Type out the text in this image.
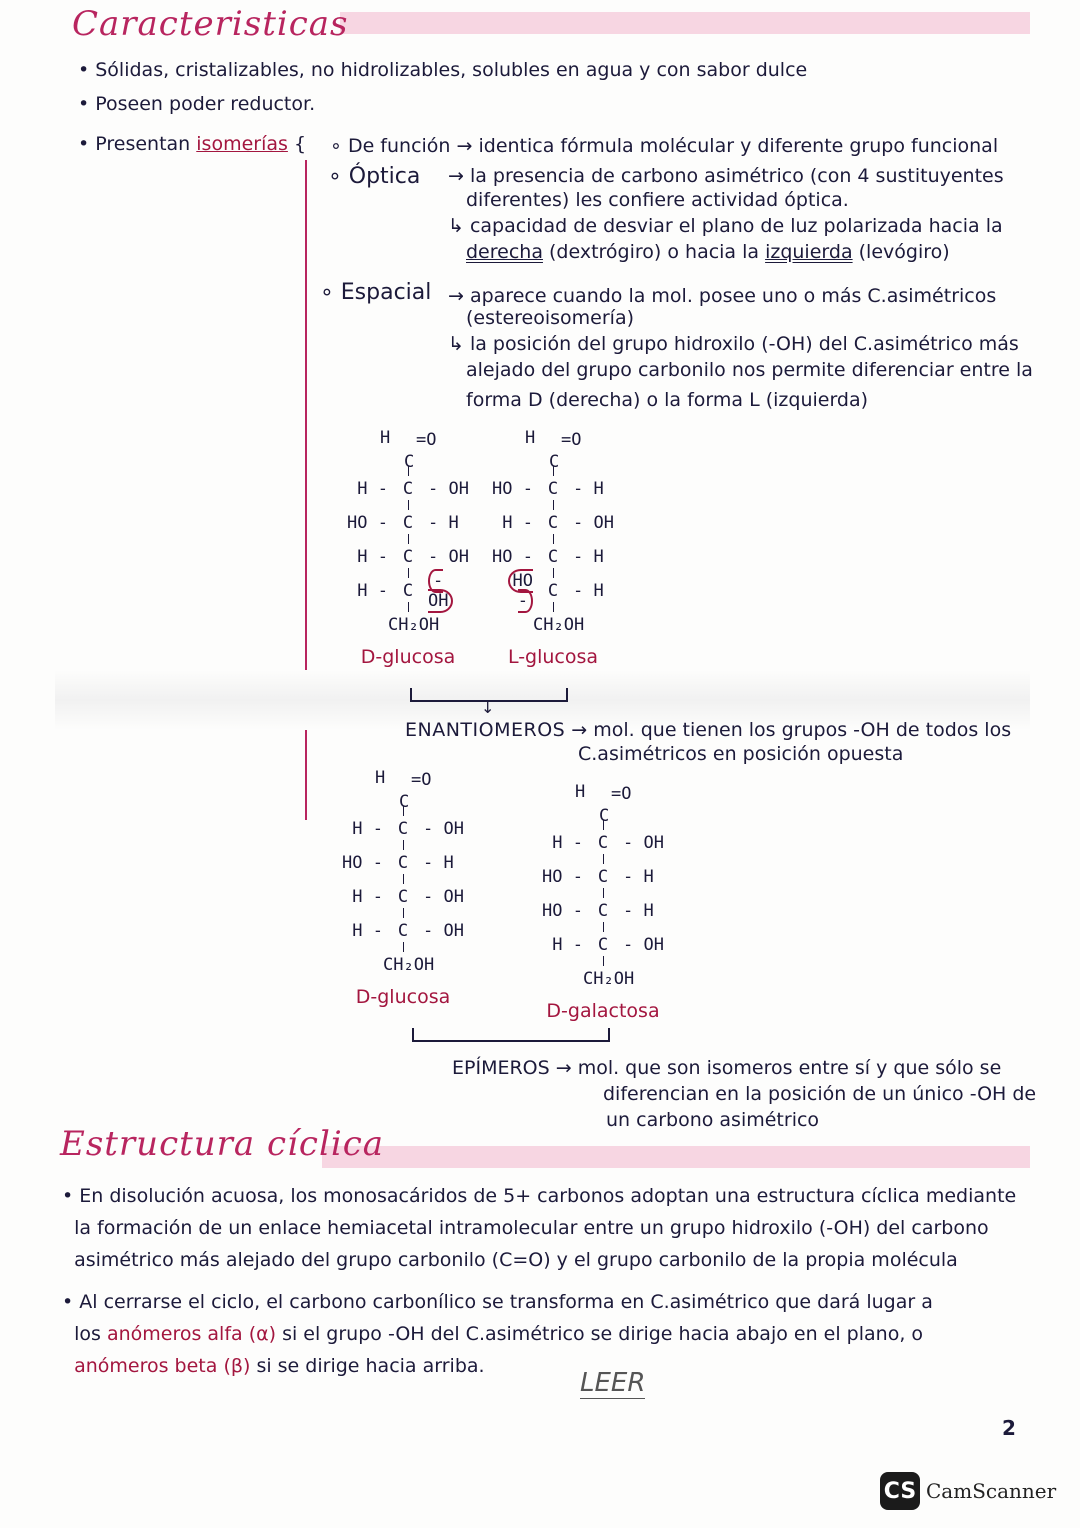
Caracteristicas
• Sólidas, cristalizables, no hidrolizables, solubles en agua y con sabor dulce
• Poseen poder reductor.
• Presentan isomerías { ∘ De función → identica fórmula molécular y diferente grupo funcional
∘ Óptica → la presencia de carbono asimétrico (con 4 sustituyentes
diferentes) les confiere actividad óptica.
↳ capacidad de desviar el plano de luz polarizada hacia la
derecha (dextrógiro) o hacia la izquierda (levógiro)
∘ Espacial → aparece cuando la mol. posee uno o más C.asimétricos
(estereoisomería)
↳ la posición del grupo hidroxilo (-OH) del C.asimétrico más
alejado del grupo carbonilo nos permite diferenciar entre la
forma D (derecha) o la forma L (izquierda)
H =O
C
H - C - OH
HO - C - H
H - C - OH
H - C	- OH
CH₂OH
D-glucosa
H =O
C
HO - C - H
H - C - OH
HO - C - H
HO -	C - H
CH₂OH
L-glucosa
H =O
C
H - C - OH
HO - C - H
H - C - OH
H - C - OH
CH₂OH
D-glucosa
H =O
C
H - C - OH
HO - C - H
HO - C - H
H - C - OH
CH₂OH
D-galactosa
↓
ENANTIOMEROS → mol. que tienen los grupos -OH de todos los
C.asimétricos en posición opuesta
EPÍMEROS → mol. que son isomeros entre sí y que sólo se
diferencian en la posición de un único -OH de
un carbono asimétrico
Estructura cíclica
• En disolución acuosa, los monosacáridos de 5+ carbonos adoptan una estructura cíclica mediante
la formación de un enlace hemiacetal intramolecular entre un grupo hidroxilo (-OH) del carbono
asimétrico más alejado del grupo carbonilo (C=O) y el grupo carbonilo de la propia molécula
• Al cerrarse el ciclo, el carbono carbonílico se transforma en C.asimétrico que dará lugar a
los anómeros alfa (α) si el grupo -OH del C.asimétrico se dirige hacia abajo en el plano, o
anómeros beta (β) si se dirige hacia arriba.
LEER
2
CS CamScanner
